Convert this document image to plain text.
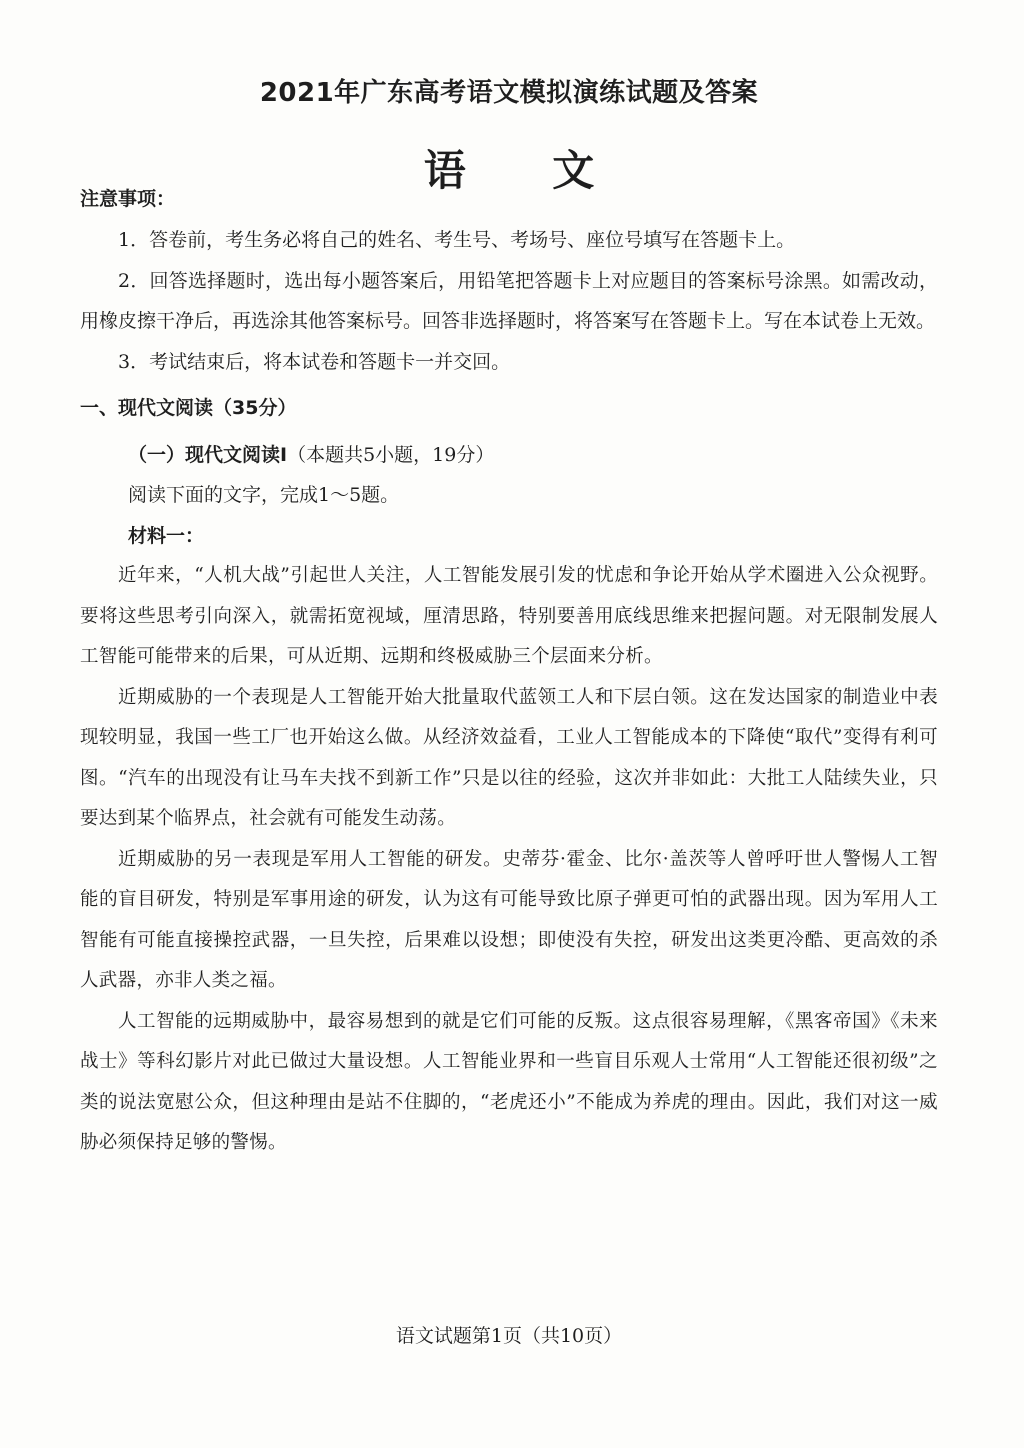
2021年广东高考语文模拟演练试题及答案
语 文
注意事项：

1．答卷前，考生务必将自己的姓名、考生号、考场号、座位号填写在答题卡上。

2．回答选择题时，选出每小题答案后，用铅笔把答题卡上对应题目的答案标号涂黑。如需改动，用橡皮擦干净后，再选涂其他答案标号。回答非选择题时，将答案写在答题卡上。写在本试卷上无效。

3．考试结束后，将本试卷和答题卡一并交回。

一、现代文阅读（35分）

（一）现代文阅读Ⅰ（本题共5小题，19分）

阅读下面的文字，完成1～5题。

材料一：

近年来，“人机大战”引起世人关注，人工智能发展引发的忧虑和争论开始从学术圈进入公众视野。要将这些思考引向深入，就需拓宽视域，厘清思路，特别要善用底线思维来把握问题。对无限制发展人工智能可能带来的后果，可从近期、远期和终极威胁三个层面来分析。

近期威胁的一个表现是人工智能开始大批量取代蓝领工人和下层白领。这在发达国家的制造业中表现较明显，我国一些工厂也开始这么做。从经济效益看，工业人工智能成本的下降使“取代”变得有利可图。“汽车的出现没有让马车夫找不到新工作”只是以往的经验，这次并非如此：大批工人陆续失业，只要达到某个临界点，社会就有可能发生动荡。

近期威胁的另一表现是军用人工智能的研发。史蒂芬·霍金、比尔·盖茨等人曾呼吁世人警惕人工智能的盲目研发，特别是军事用途的研发，认为这有可能导致比原子弹更可怕的武器出现。因为军用人工智能有可能直接操控武器，一旦失控，后果难以设想；即使没有失控，研发出这类更冷酷、更高效的杀人武器，亦非人类之福。

人工智能的远期威胁中，最容易想到的就是它们可能的反叛。这点很容易理解，《黑客帝国》《未来战士》等科幻影片对此已做过大量设想。人工智能业界和一些盲目乐观人士常用“人工智能还很初级”之类的说法宽慰公众，但这种理由是站不住脚的，“老虎还小”不能成为养虎的理由。因此，我们对这一威胁必须保持足够的警惕。

语文试题第1页（共10页）
